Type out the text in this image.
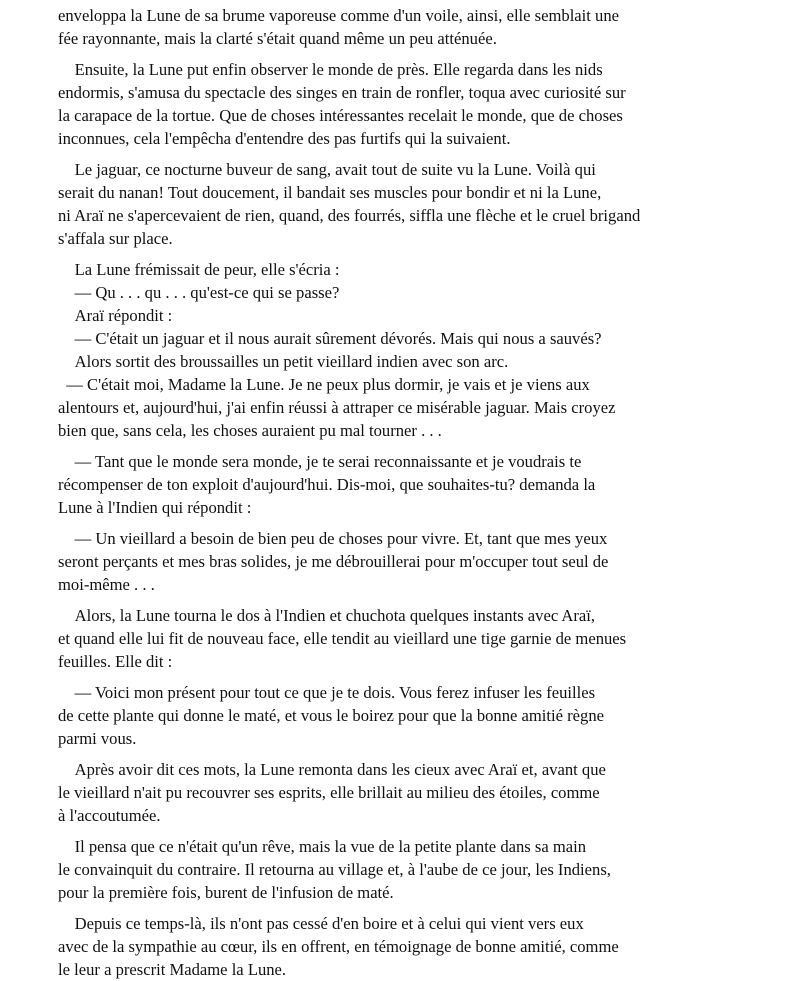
enveloppa la Lune de sa brume vaporeuse comme d'un voile, ainsi, elle semblait une
fée rayonnante, mais la clarté s'était quand même un peu atténuée.

Ensuite, la Lune put enfin observer le monde de près. Elle regarda dans les nids
endormis, s'amusa du spectacle des singes en train de ronfler, toqua avec curiosité sur
la carapace de la tortue. Que de choses intéressantes recelait le monde, que de choses
inconnues, cela l'empêcha d'entendre des pas furtifs qui la suivaient.

Le jaguar, ce nocturne buveur de sang, avait tout de suite vu la Lune. Voilà qui
serait du nanan! Tout doucement, il bandait ses muscles pour bondir et ni la Lune,
ni Araï ne s'apercevaient de rien, quand, des fourrés, siffla une flèche et le cruel brigand
s'affala sur place.

La Lune frémissait de peur, elle s'écria :
— Qu . . . qu . . . qu'est-ce qui se passe?
Araï répondit :
— C'était un jaguar et il nous aurait sûrement dévorés. Mais qui nous a sauvés?
Alors sortit des broussailles un petit vieillard indien avec son arc.
— C'était moi, Madame la Lune. Je ne peux plus dormir, je vais et je viens aux
alentours et, aujourd'hui, j'ai enfin réussi à attraper ce misérable jaguar. Mais croyez
bien que, sans cela, les choses auraient pu mal tourner . . .

— Tant que le monde sera monde, je te serai reconnaissante et je voudrais te
récompenser de ton exploit d'aujourd'hui. Dis-moi, que souhaites-tu? demanda la
Lune à l'Indien qui répondit :

— Un vieillard a besoin de bien peu de choses pour vivre. Et, tant que mes yeux
seront perçants et mes bras solides, je me débrouillerai pour m'occuper tout seul de
moi-même . . .

Alors, la Lune tourna le dos à l'Indien et chuchota quelques instants avec Araï,
et quand elle lui fit de nouveau face, elle tendit au vieillard une tige garnie de menues
feuilles. Elle dit :

— Voici mon présent pour tout ce que je te dois. Vous ferez infuser les feuilles
de cette plante qui donne le maté, et vous le boirez pour que la bonne amitié règne
parmi vous.

Après avoir dit ces mots, la Lune remonta dans les cieux avec Araï et, avant que
le vieillard n'ait pu recouvrer ses esprits, elle brillait au milieu des étoiles, comme
à l'accoutumée.

Il pensa que ce n'était qu'un rêve, mais la vue de la petite plante dans sa main
le convainquit du contraire. Il retourna au village et, à l'aube de ce jour, les Indiens,
pour la première fois, burent de l'infusion de maté.

Depuis ce temps-là, ils n'ont pas cessé d'en boire et à celui qui vient vers eux
avec de la sympathie au cœur, ils en offrent, en témoignage de bonne amitié, comme
le leur a prescrit Madame la Lune.
